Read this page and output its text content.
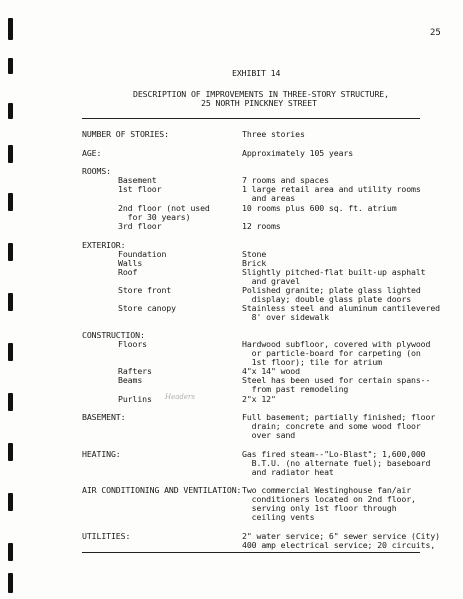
25
EXHIBIT 14
DESCRIPTION OF IMPROVEMENTS IN THREE-STORY STRUCTURE,
25 NORTH PINCKNEY STREET
NUMBER OF STORIES:	Three stories
AGE:	Approximately 105 years
ROOMS:
Basement	7 rooms and spaces
1st floor	1 large retail area and utility rooms
and areas
2nd floor (not used	10 rooms plus 600 sq. ft. atrium
for 30 years)
3rd floor	12 rooms
EXTERIOR:
Foundation	Stone
Walls	Brick
Roof	Slightly pitched-flat built-up asphalt
and gravel
Store front	Polished granite; plate glass lighted
display; double glass plate doors
Store canopy	Stainless steel and aluminum cantilevered
8' over sidewalk
CONSTRUCTION:
Floors	Hardwood subfloor, covered with plywood
or particle-board for carpeting (on
1st floor); tile for atrium
Rafters	4"x 14" wood
Beams	Steel has been used for certain spans--
from past remodeling
Purlins	2"x 12"
BASEMENT:	Full basement; partially finished; floor
drain; concrete and some wood floor
over sand
HEATING:	Gas fired steam--"Lo-Blast"; 1,600,000
B.T.U. (no alternate fuel); baseboard
and radiator heat
AIR CONDITIONING AND VENTILATION: Two commercial Westinghouse fan/air
conditioners located on 2nd floor,
serving only 1st floor through
ceiling vents
UTILITIES:	2" water service; 6" sewer service (City)
400 amp electrical service; 20 circuits,
Headers
